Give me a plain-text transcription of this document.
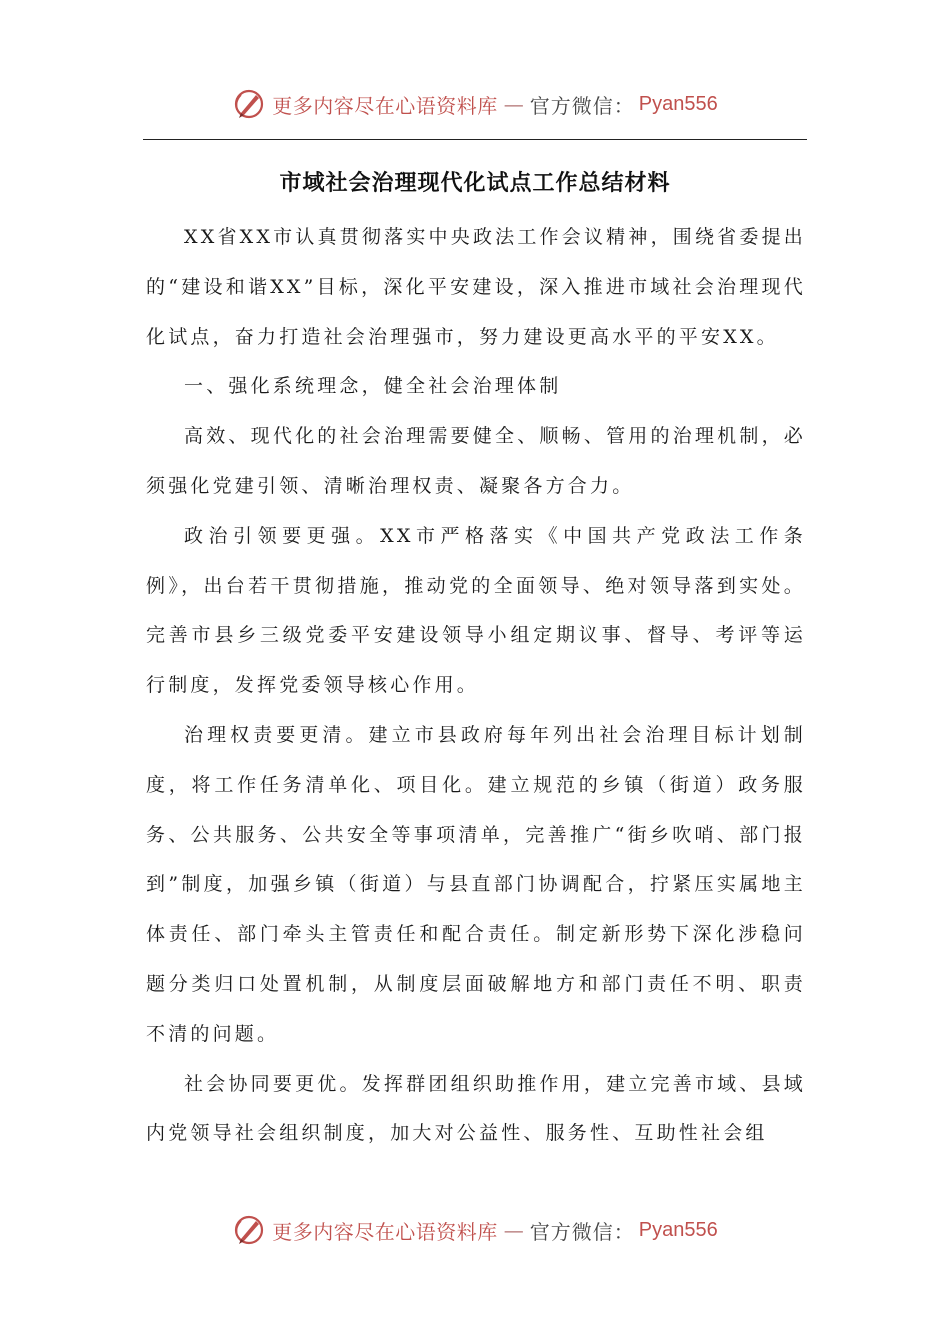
更多内容尽在心语资料库 — 官方微信： Pyan556
市域社会治理现代化试点工作总结材料

XX省XX市认真贯彻落实中央政法工作会议精神，围绕省委提出的“建设和谐XX”目标，深化平安建设，深入推进市域社会治理现代化试点，奋力打造社会治理强市，努力建设更高水平的平安XX。

一、强化系统理念，健全社会治理体制

高效、现代化的社会治理需要健全、顺畅、管用的治理机制，必须强化党建引领、清晰治理权责、凝聚各方合力。

政治引领要更强。XX市严格落实《中国共产党政法工作条例》，出台若干贯彻措施，推动党的全面领导、绝对领导落到实处。完善市县乡三级党委平安建设领导小组定期议事、督导、考评等运行制度，发挥党委领导核心作用。

治理权责要更清。建立市县政府每年列出社会治理目标计划制度，将工作任务清单化、项目化。建立规范的乡镇（街道）政务服务、公共服务、公共安全等事项清单，完善推广“街乡吹哨、部门报到”制度，加强乡镇（街道）与县直部门协调配合，拧紧压实属地主体责任、部门牵头主管责任和配合责任。制定新形势下深化涉稳问题分类归口处置机制，从制度层面破解地方和部门责任不明、职责不清的问题。

社会协同要更优。发挥群团组织助推作用，建立完善市域、县域内党领导社会组织制度，加大对公益性、服务性、互助性社会组

更多内容尽在心语资料库 — 官方微信： Pyan556
